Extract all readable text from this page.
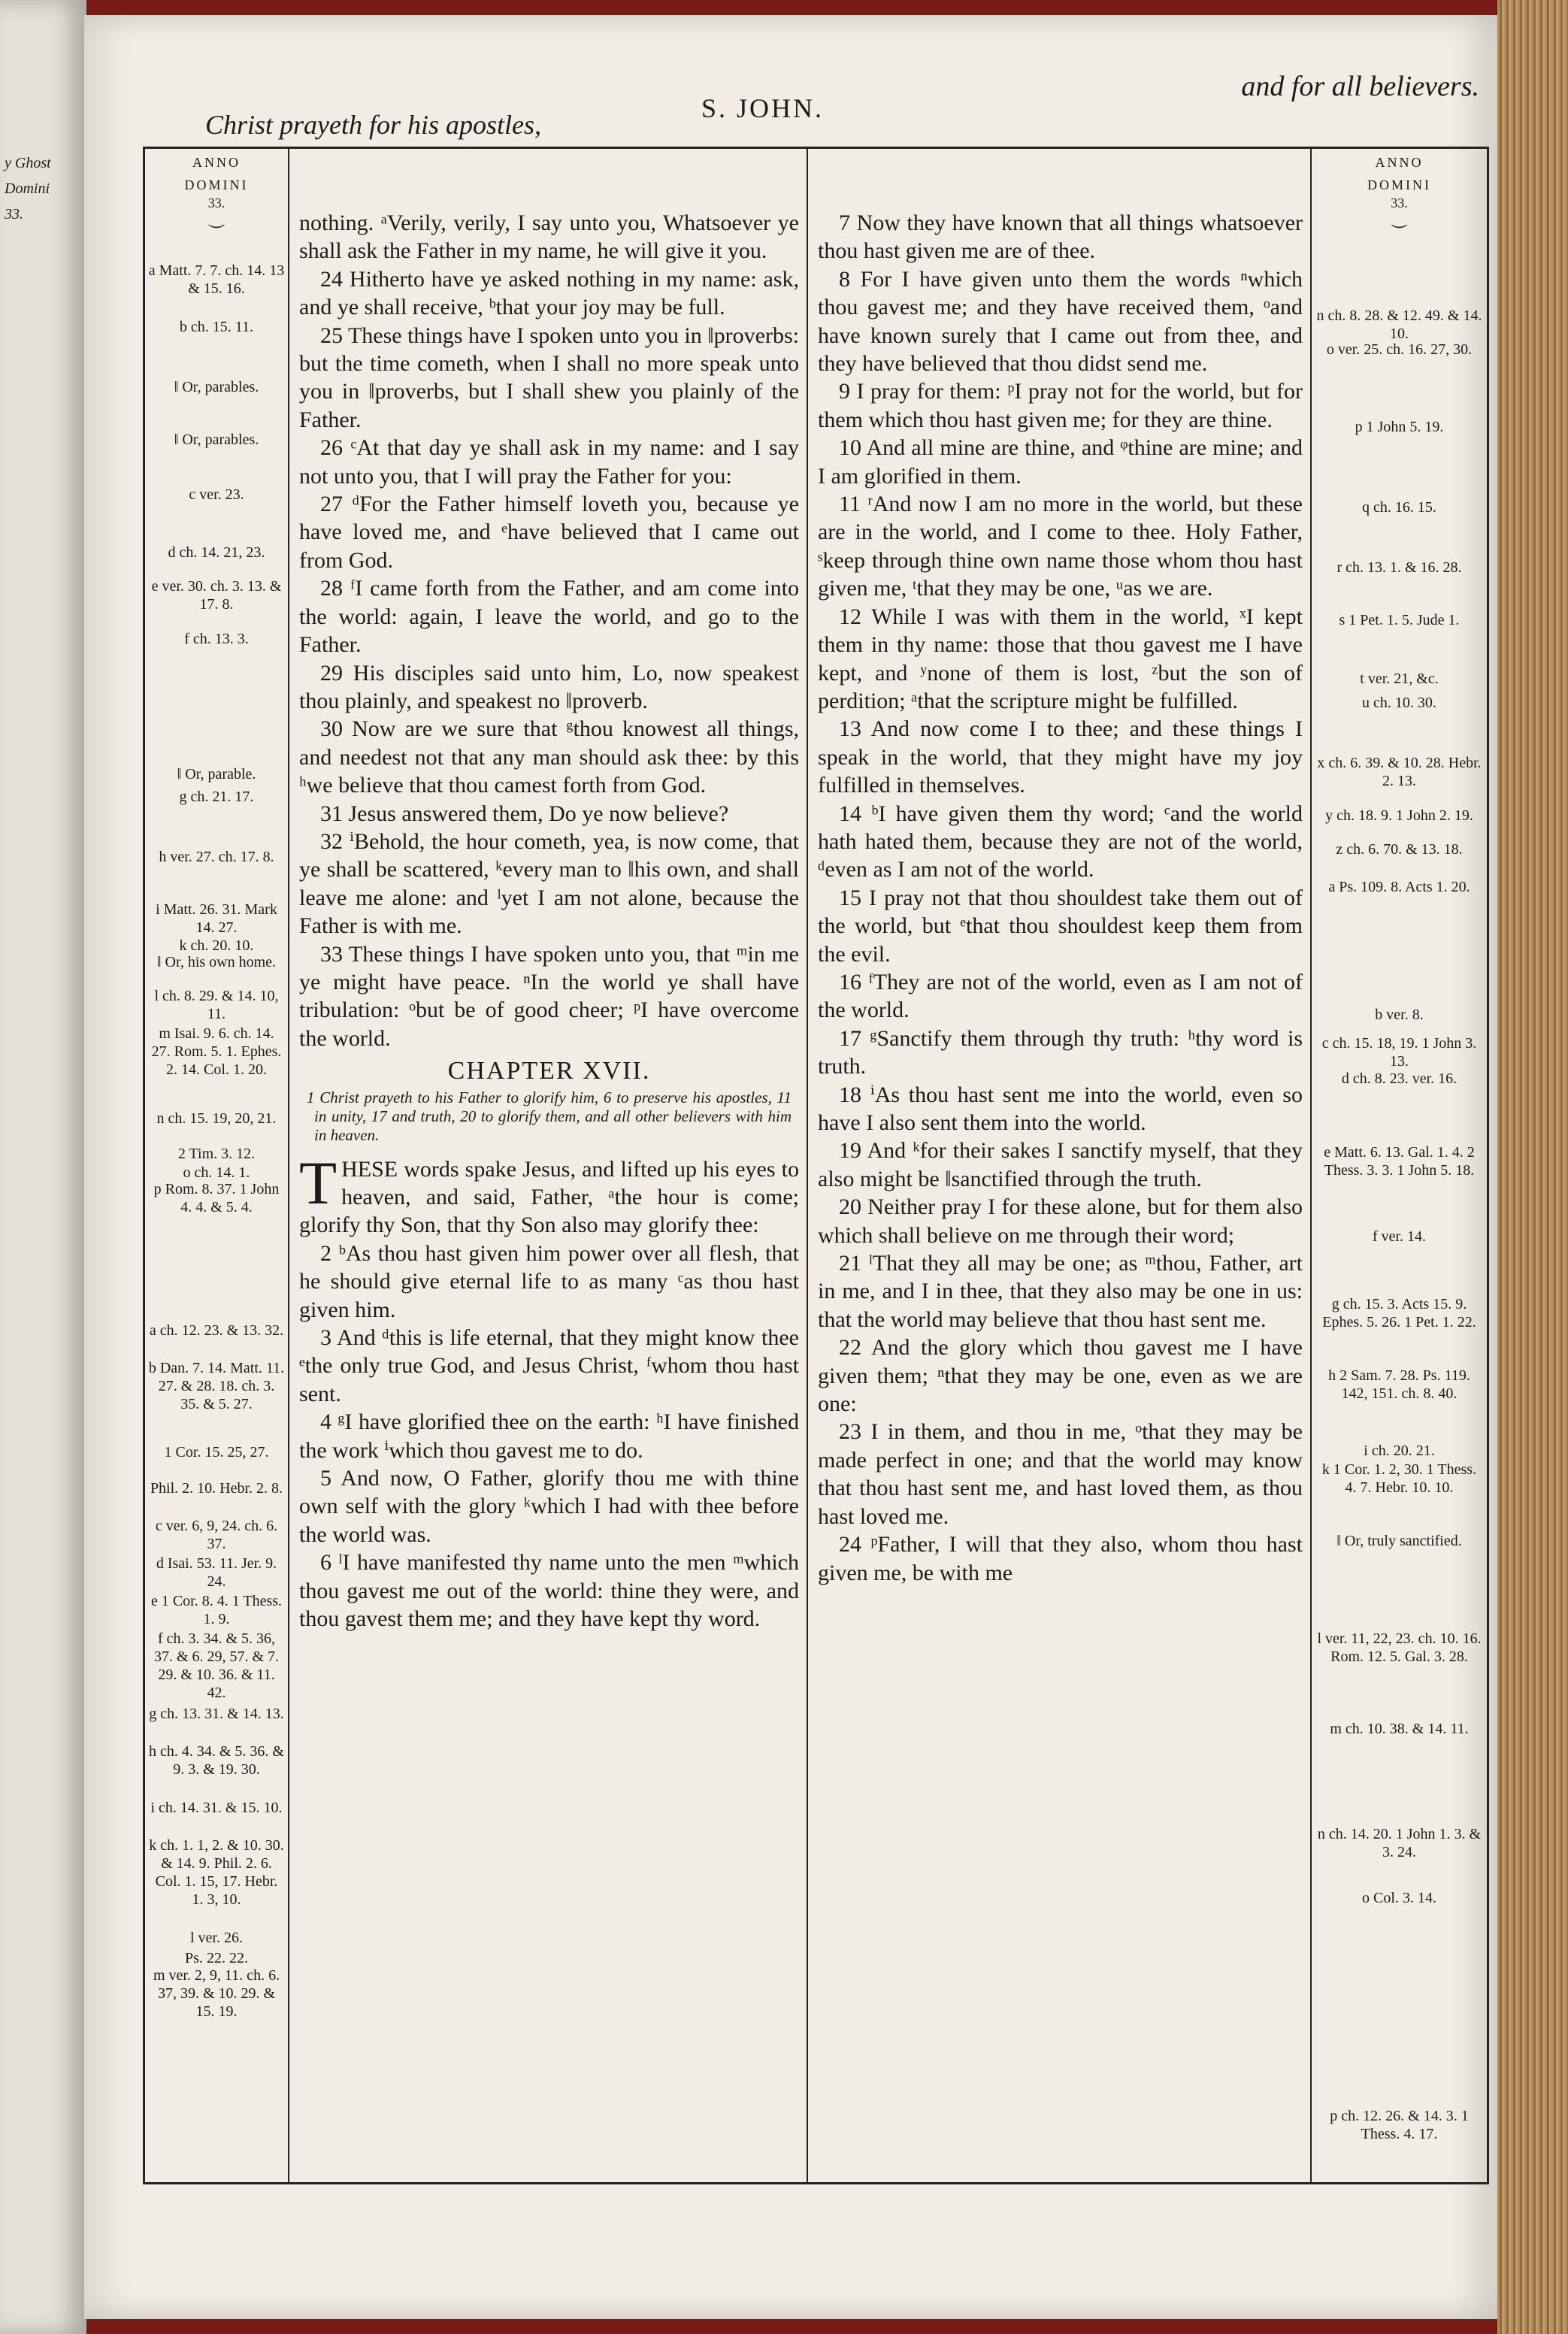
y Ghost
Domini
33.
Christ prayeth for his apostles,
S. JOHN.
and for all believers.
ANNO
DOMINI
33.
⏝
a Matt. 7. 7. ch. 14. 13 & 15. 16.
b ch. 15. 11.
‖ Or, parables.
‖ Or, parables.
c ver. 23.
d ch. 14. 21, 23.
e ver. 30. ch. 3. 13. & 17. 8.
f ch. 13. 3.
‖ Or, parable.
g ch. 21. 17.
h ver. 27. ch. 17. 8.
i Matt. 26. 31. Mark 14. 27.
k ch. 20. 10.
‖ Or, his own home.
l ch. 8. 29. & 14. 10, 11.
m Isai. 9. 6. ch. 14. 27. Rom. 5. 1. Ephes. 2. 14. Col. 1. 20.
n ch. 15. 19, 20, 21.
2 Tim. 3. 12.
o ch. 14. 1.
p Rom. 8. 37. 1 John 4. 4. & 5. 4.
a ch. 12. 23. & 13. 32.
b Dan. 7. 14. Matt. 11. 27. & 28. 18. ch. 3. 35. & 5. 27.
1 Cor. 15. 25, 27.
Phil. 2. 10. Hebr. 2. 8.
c ver. 6, 9, 24. ch. 6. 37.
d Isai. 53. 11. Jer. 9. 24.
e 1 Cor. 8. 4. 1 Thess. 1. 9.
f ch. 3. 34. & 5. 36, 37. & 6. 29, 57. & 7. 29. & 10. 36. & 11. 42.
g ch. 13. 31. & 14. 13.
h ch. 4. 34. & 5. 36. & 9. 3. & 19. 30.
i ch. 14. 31. & 15. 10.
k ch. 1. 1, 2. & 10. 30. & 14. 9. Phil. 2. 6. Col. 1. 15, 17. Hebr. 1. 3, 10.
l ver. 26.
Ps. 22. 22.
m ver. 2, 9, 11. ch. 6. 37, 39. & 10. 29. & 15. 19.

nothing. ᵃVerily, verily, I say unto you, Whatsoever ye shall ask the Father in my name, he will give it you.

24 Hitherto have ye asked nothing in my name: ask, and ye shall receive, ᵇthat your joy may be full.

25 These things have I spoken unto you in ‖proverbs: but the time cometh, when I shall no more speak unto you in ‖proverbs, but I shall shew you plainly of the Father.

26 ᶜAt that day ye shall ask in my name: and I say not unto you, that I will pray the Father for you:

27 ᵈFor the Father himself loveth you, because ye have loved me, and ᵉhave believed that I came out from God.

28 ᶠI came forth from the Father, and am come into the world: again, I leave the world, and go to the Father.

29 His disciples said unto him, Lo, now speakest thou plainly, and speakest no ‖proverb.

30 Now are we sure that ᵍthou knowest all things, and needest not that any man should ask thee: by this ʰwe believe that thou camest forth from God.

31 Jesus answered them, Do ye now believe?

32 ⁱBehold, the hour cometh, yea, is now come, that ye shall be scattered, ᵏevery man to ‖his own, and shall leave me alone: and ˡyet I am not alone, because the Father is with me.

33 These things I have spoken unto you, that ᵐin me ye might have peace. ⁿIn the world ye shall have tribulation: ᵒbut be of good cheer; ᵖI have overcome the world.

CHAPTER XVII.
1 Christ prayeth to his Father to glorify him, 6 to preserve his apostles, 11 in unity, 17 and truth, 20 to glorify them, and all other believers with him in heaven.

THESE words spake Jesus, and lifted up his eyes to heaven, and said, Father, ᵃthe hour is come; glorify thy Son, that thy Son also may glorify thee:

2 ᵇAs thou hast given him power over all flesh, that he should give eternal life to as many ᶜas thou hast given him.

3 And ᵈthis is life eternal, that they might know thee ᵉthe only true God, and Jesus Christ, ᶠwhom thou hast sent.

4 ᵍI have glorified thee on the earth: ʰI have finished the work ⁱwhich thou gavest me to do.

5 And now, O Father, glorify thou me with thine own self with the glory ᵏwhich I had with thee before the world was.

6 ˡI have manifested thy name unto the men ᵐwhich thou gavest me out of the world: thine they were, and thou gavest them me; and they have kept thy word.

7 Now they have known that all things whatsoever thou hast given me are of thee.

8 For I have given unto them the words ⁿwhich thou gavest me; and they have received them, ᵒand have known surely that I came out from thee, and they have believed that thou didst send me.

9 I pray for them: ᵖI pray not for the world, but for them which thou hast given me; for they are thine.

10 And all mine are thine, and ᵠthine are mine; and I am glorified in them.

11 ʳAnd now I am no more in the world, but these are in the world, and I come to thee. Holy Father, ˢkeep through thine own name those whom thou hast given me, ᵗthat they may be one, ᵘas we are.

12 While I was with them in the world, ˣI kept them in thy name: those that thou gavest me I have kept, and ʸnone of them is lost, ᶻbut the son of perdition; ᵃthat the scripture might be fulfilled.

13 And now come I to thee; and these things I speak in the world, that they might have my joy fulfilled in themselves.

14 ᵇI have given them thy word; ᶜand the world hath hated them, because they are not of the world, ᵈeven as I am not of the world.

15 I pray not that thou shouldest take them out of the world, but ᵉthat thou shouldest keep them from the evil.

16 ᶠThey are not of the world, even as I am not of the world.

17 ᵍSanctify them through thy truth: ʰthy word is truth.

18 ⁱAs thou hast sent me into the world, even so have I also sent them into the world.

19 And ᵏfor their sakes I sanctify myself, that they also might be ‖sanctified through the truth.

20 Neither pray I for these alone, but for them also which shall believe on me through their word;

21 ˡThat they all may be one; as ᵐthou, Father, art in me, and I in thee, that they also may be one in us: that the world may believe that thou hast sent me.

22 And the glory which thou gavest me I have given them; ⁿthat they may be one, even as we are one:

23 I in them, and thou in me, ᵒthat they may be made perfect in one; and that the world may know that thou hast sent me, and hast loved them, as thou hast loved me.

24 ᵖFather, I will that they also, whom thou hast given me, be with me

ANNO
DOMINI
33.
⏝
n ch. 8. 28. & 12. 49. & 14. 10.
o ver. 25. ch. 16. 27, 30.
p 1 John 5. 19.
q ch. 16. 15.
r ch. 13. 1. & 16. 28.
s 1 Pet. 1. 5. Jude 1.
t ver. 21, &c.
u ch. 10. 30.
x ch. 6. 39. & 10. 28. Hebr. 2. 13.
y ch. 18. 9. 1 John 2. 19.
z ch. 6. 70. & 13. 18.
a Ps. 109. 8. Acts 1. 20.
b ver. 8.
c ch. 15. 18, 19. 1 John 3. 13.
d ch. 8. 23. ver. 16.
e Matt. 6. 13. Gal. 1. 4. 2 Thess. 3. 3. 1 John 5. 18.
f ver. 14.
g ch. 15. 3. Acts 15. 9. Ephes. 5. 26. 1 Pet. 1. 22.
h 2 Sam. 7. 28. Ps. 119. 142, 151. ch. 8. 40.
i ch. 20. 21.
k 1 Cor. 1. 2, 30. 1 Thess. 4. 7. Hebr. 10. 10.
‖ Or, truly sanctified.
l ver. 11, 22, 23. ch. 10. 16. Rom. 12. 5. Gal. 3. 28.
m ch. 10. 38. & 14. 11.
n ch. 14. 20. 1 John 1. 3. & 3. 24.
o Col. 3. 14.
p ch. 12. 26. & 14. 3. 1 Thess. 4. 17.
